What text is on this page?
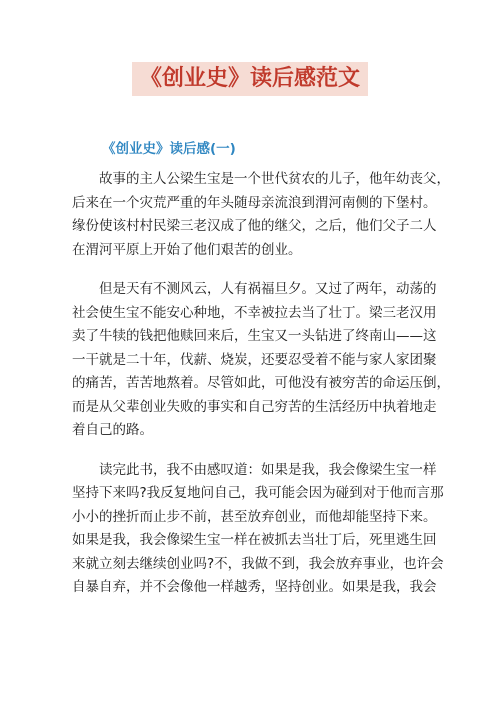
《创业史》读后感范文
《创业史》读后感(一)

　　故事的主人公梁生宝是一个世代贫农的儿子，他年幼丧父，
后来在一个灾荒严重的年头随母亲流浪到渭河南侧的下堡村。
缘份使该村村民梁三老汉成了他的继父，之后，他们父子二人
在渭河平原上开始了他们艰苦的创业。

　　但是天有不测风云，人有祸福旦夕。又过了两年，动荡的
社会使生宝不能安心种地，不幸被拉去当了壮丁。梁三老汉用
卖了牛犊的钱把他赎回来后，生宝又一头钻进了终南山——这
一干就是二十年，伐薪、烧炭，还要忍受着不能与家人家团聚
的痛苦，苦苦地熬着。尽管如此，可他没有被穷苦的命运压倒，
而是从父辈创业失败的事实和自己穷苦的生活经历中执着地走
着自己的路。

　　读完此书，我不由感叹道：如果是我，我会像梁生宝一样
坚持下来吗?我反复地问自己，我可能会因为碰到对于他而言那
小小的挫折而止步不前，甚至放弃创业，而他却能坚持下来。
如果是我，我会像梁生宝一样在被抓去当壮丁后，死里逃生回
来就立刻去继续创业吗?不，我做不到，我会放弃事业，也许会
自暴自弃，并不会像他一样越秀，坚持创业。如果是我，我会
